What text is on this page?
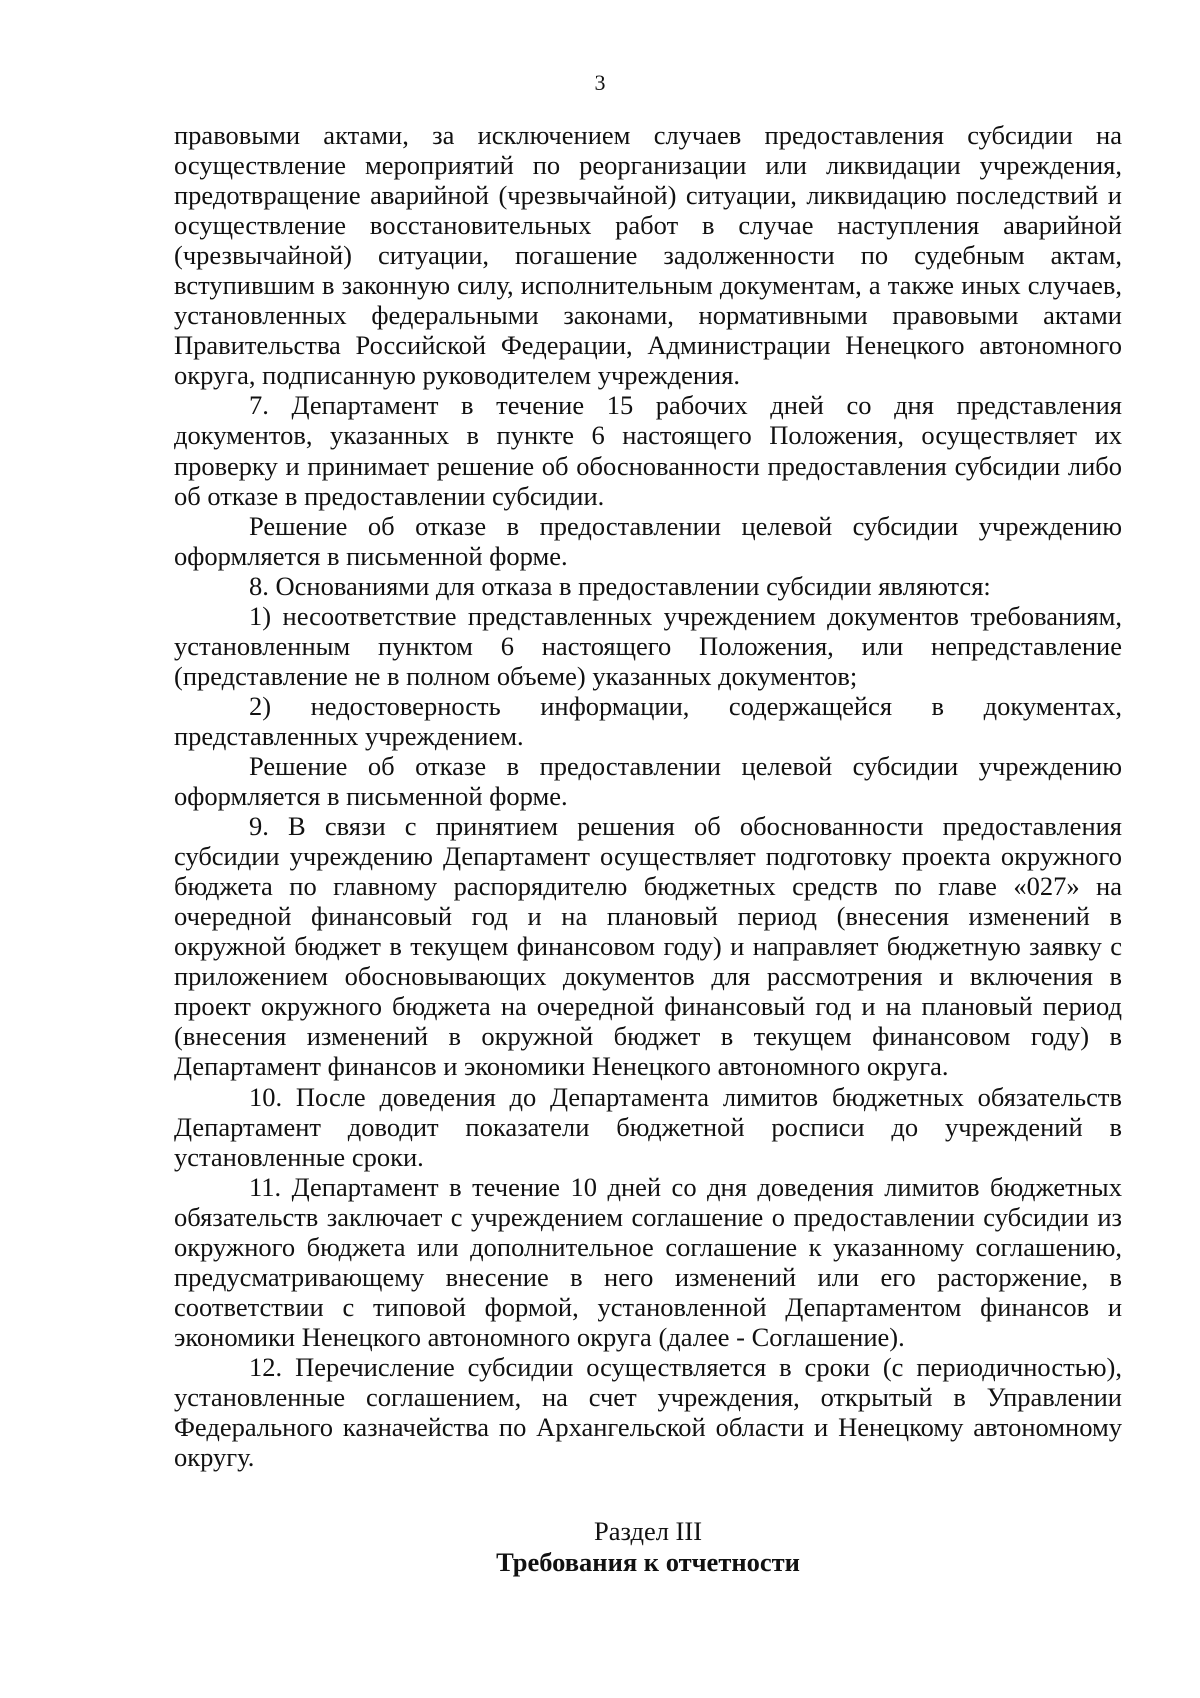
3

правовыми актами, за исключением случаев предоставления субсидии на осуществление мероприятий по реорганизации или ликвидации учреждения, предотвращение аварийной (чрезвычайной) ситуации, ликвидацию последствий и осуществление восстановительных работ в случае наступления аварийной (чрезвычайной) ситуации, погашение задолженности по судебным актам, вступившим в законную силу, исполнительным документам, а также иных случаев, установленных федеральными законами, нормативными правовыми актами Правительства Российской Федерации, Администрации Ненецкого автономного округа, подписанную руководителем учреждения.

7. Департамент в течение 15 рабочих дней со дня представления документов, указанных в пункте 6 настоящего Положения, осуществляет их проверку и принимает решение об обоснованности предоставления субсидии либо об отказе в предоставлении субсидии.

Решение об отказе в предоставлении целевой субсидии учреждению оформляется в письменной форме.

8. Основаниями для отказа в предоставлении субсидии являются:

1) несоответствие представленных учреждением документов требованиям, установленным пунктом 6 настоящего Положения, или непредставление (представление не в полном объеме) указанных документов;

2) недостоверность информации, содержащейся в документах, представленных учреждением.

Решение об отказе в предоставлении целевой субсидии учреждению оформляется в письменной форме.

9. В связи с принятием решения об обоснованности предоставления субсидии учреждению Департамент осуществляет подготовку проекта окружного бюджета по главному распорядителю бюджетных средств по главе «027» на очередной финансовый год и на плановый период (внесения изменений в окружной бюджет в текущем финансовом году) и направляет бюджетную заявку с приложением обосновывающих документов для рассмотрения и включения в проект окружного бюджета на очередной финансовый год и на плановый период (внесения изменений в окружной бюджет в текущем финансовом году) в Департамент финансов и экономики Ненецкого автономного округа.

10. После доведения до Департамента лимитов бюджетных обязательств Департамент доводит показатели бюджетной росписи до учреждений в установленные сроки.

11. Департамент в течение 10 дней со дня доведения лимитов бюджетных обязательств заключает с учреждением соглашение о предоставлении субсидии из окружного бюджета или дополнительное соглашение к указанному соглашению, предусматривающему внесение в него изменений или его расторжение, в соответствии с типовой формой, установленной Департаментом финансов и экономики Ненецкого автономного округа (далее - Соглашение).

12. Перечисление субсидии осуществляется в сроки (с периодичностью), установленные соглашением, на счет учреждения, открытый в Управлении Федерального казначейства по Архангельской области и Ненецкому автономному округу.

Раздел III
Требования к отчетности
